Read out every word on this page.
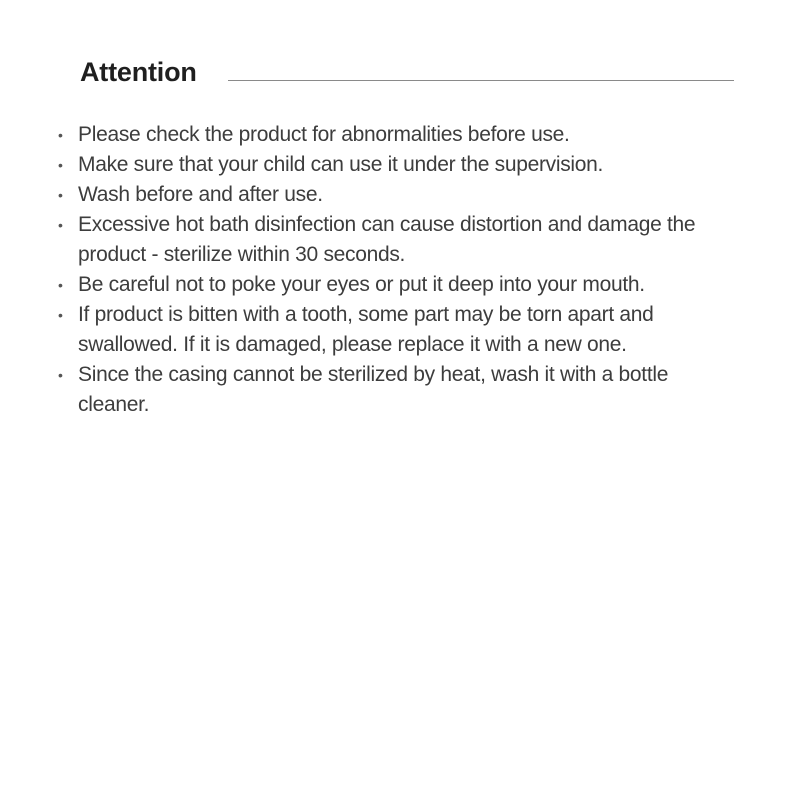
Attention
• Please check the product for abnormalities before use.
• Make sure that your child can use it under the supervision.
• Wash before and after use.
• Excessive hot bath disinfection can cause distortion and damage the product - sterilize within 30 seconds.
• Be careful not to poke your eyes or put it deep into your mouth.
• If product is bitten with a tooth, some part may be torn apart and swallowed. If it is damaged, please replace it with a new one.
• Since the casing cannot be sterilized by heat, wash it with a bottle cleaner.
